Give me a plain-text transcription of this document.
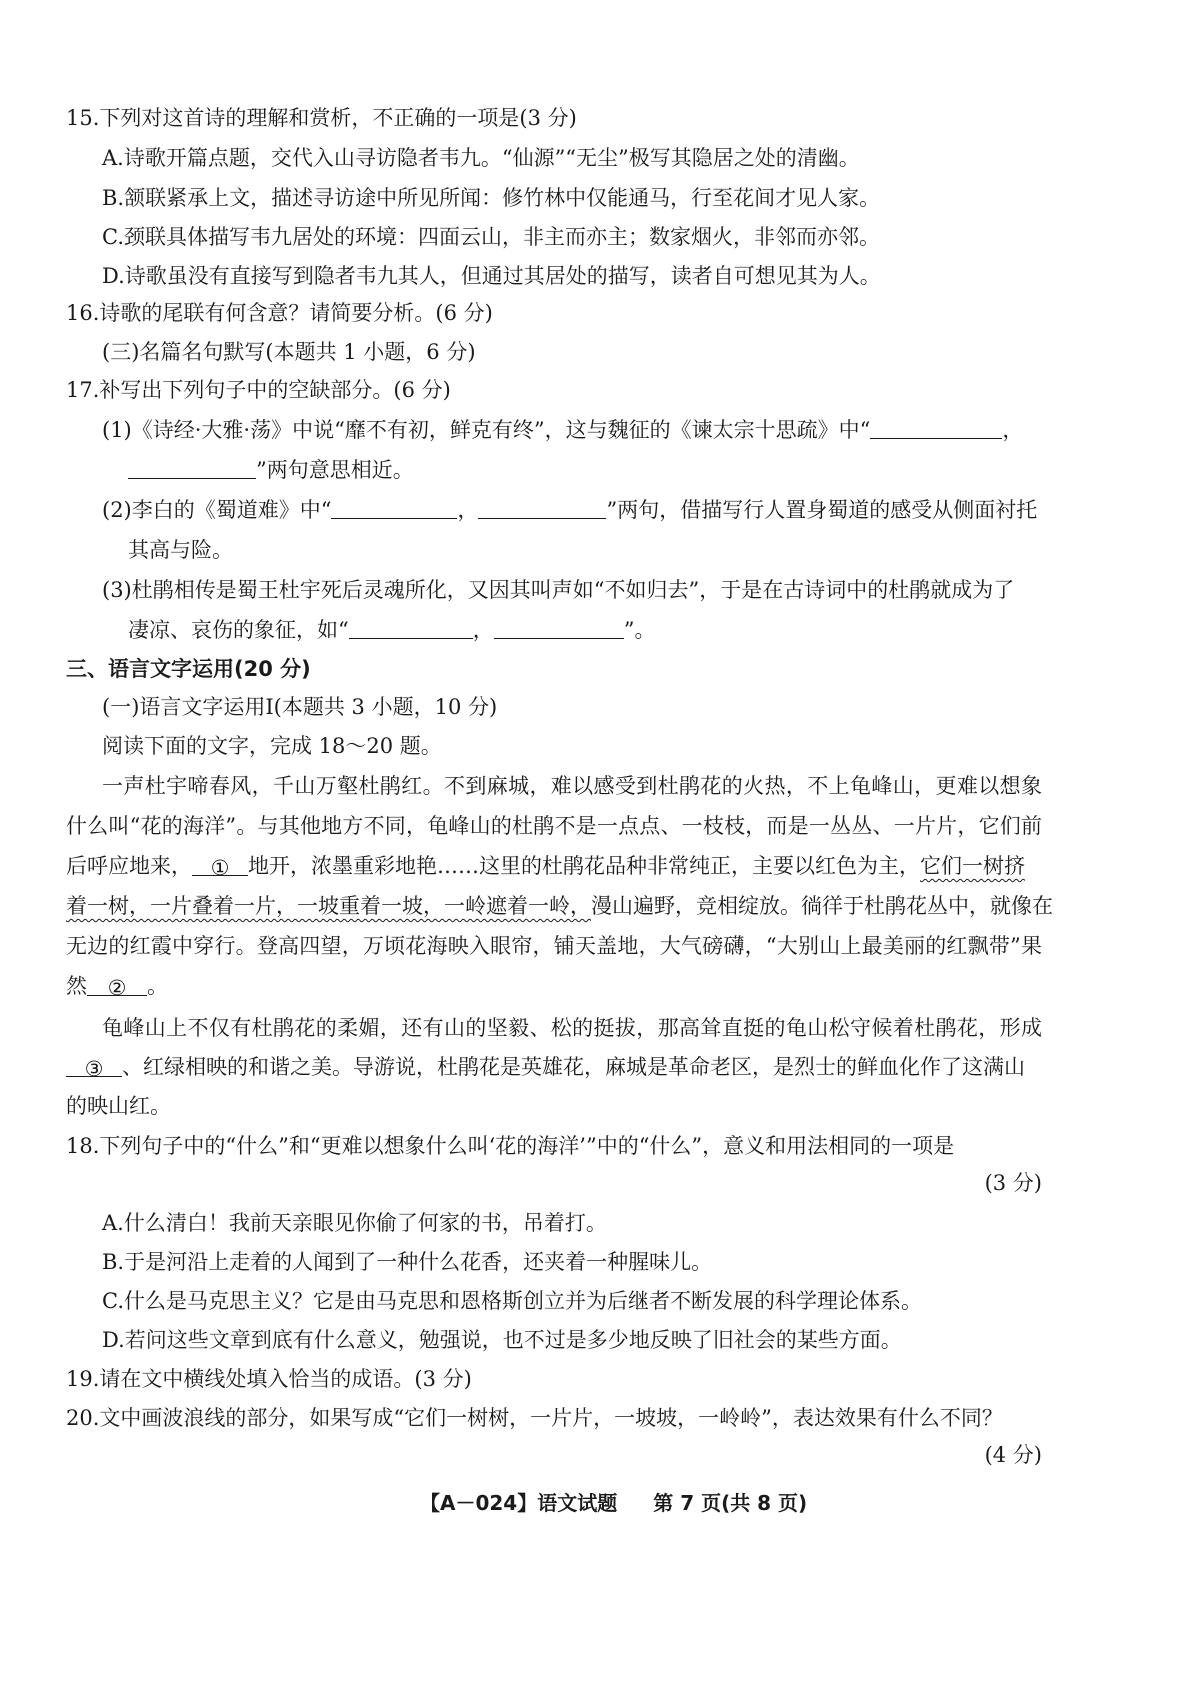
15.下列对这首诗的理解和赏析，不正确的一项是(3 分)
A.诗歌开篇点题，交代入山寻访隐者韦九。“仙源”“无尘”极写其隐居之处的清幽。
B.颔联紧承上文，描述寻访途中所见所闻：修竹林中仅能通马，行至花间才见人家。
C.颈联具体描写韦九居处的环境：四面云山，非主而亦主；数家烟火，非邻而亦邻。
D.诗歌虽没有直接写到隐者韦九其人，但通过其居处的描写，读者自可想见其为人。
16.诗歌的尾联有何含意？请简要分析。(6 分)
(三)名篇名句默写(本题共 1 小题，6 分)
17.补写出下列句子中的空缺部分。(6 分)
(1)《诗经·大雅·荡》中说“靡不有初，鲜克有终”，这与魏征的《谏太宗十思疏》中“	，
”两句意思相近。
(2)李白的《蜀道难》中“	，	”两句，借描写行人置身蜀道的感受从侧面衬托
其高与险。
(3)杜鹃相传是蜀王杜宇死后灵魂所化，又因其叫声如“不如归去”，于是在古诗词中的杜鹃就成为了
凄凉、哀伤的象征，如“	，	”。
三、语言文字运用(20 分)
(一)语言文字运用Ⅰ(本题共 3 小题，10 分)
阅读下面的文字，完成 18～20 题。
一声杜宇啼春风，千山万壑杜鹃红。不到麻城，难以感受到杜鹃花的火热，不上龟峰山，更难以想象
什么叫“花的海洋”。与其他地方不同，龟峰山的杜鹃不是一点点、一枝枝，而是一丛丛、一片片，它们前
后呼应地来， ① 地开，浓墨重彩地艳……这里的杜鹃花品种非常纯正，主要以红色为主，它们一树挤
着一树，一片叠着一片，一坡重着一坡，一岭遮着一岭，漫山遍野，竞相绽放。徜徉于杜鹃花丛中，就像在
无边的红霞中穿行。登高四望，万顷花海映入眼帘，铺天盖地，大气磅礴，“大别山上最美丽的红飘带”果
然 ② 。
龟峰山上不仅有杜鹃花的柔媚，还有山的坚毅、松的挺拔，那高耸直挺的龟山松守候着杜鹃花，形成
③ 、红绿相映的和谐之美。导游说，杜鹃花是英雄花，麻城是革命老区，是烈士的鲜血化作了这满山
的映山红。
18.下列句子中的“什么”和“更难以想象什么叫‘花的海洋’”中的“什么”，意义和用法相同的一项是
(3 分)
A.什么清白！我前天亲眼见你偷了何家的书，吊着打。
B.于是河沿上走着的人闻到了一种什么花香，还夹着一种腥味儿。
C.什么是马克思主义？它是由马克思和恩格斯创立并为后继者不断发展的科学理论体系。
D.若问这些文章到底有什么意义，勉强说，也不过是多少地反映了旧社会的某些方面。
19.请在文中横线处填入恰当的成语。(3 分)
20.文中画波浪线的部分，如果写成“它们一树树，一片片，一坡坡，一岭岭”，表达效果有什么不同？
(4 分)
【A－024】语文试题 第 7 页(共 8 页)
